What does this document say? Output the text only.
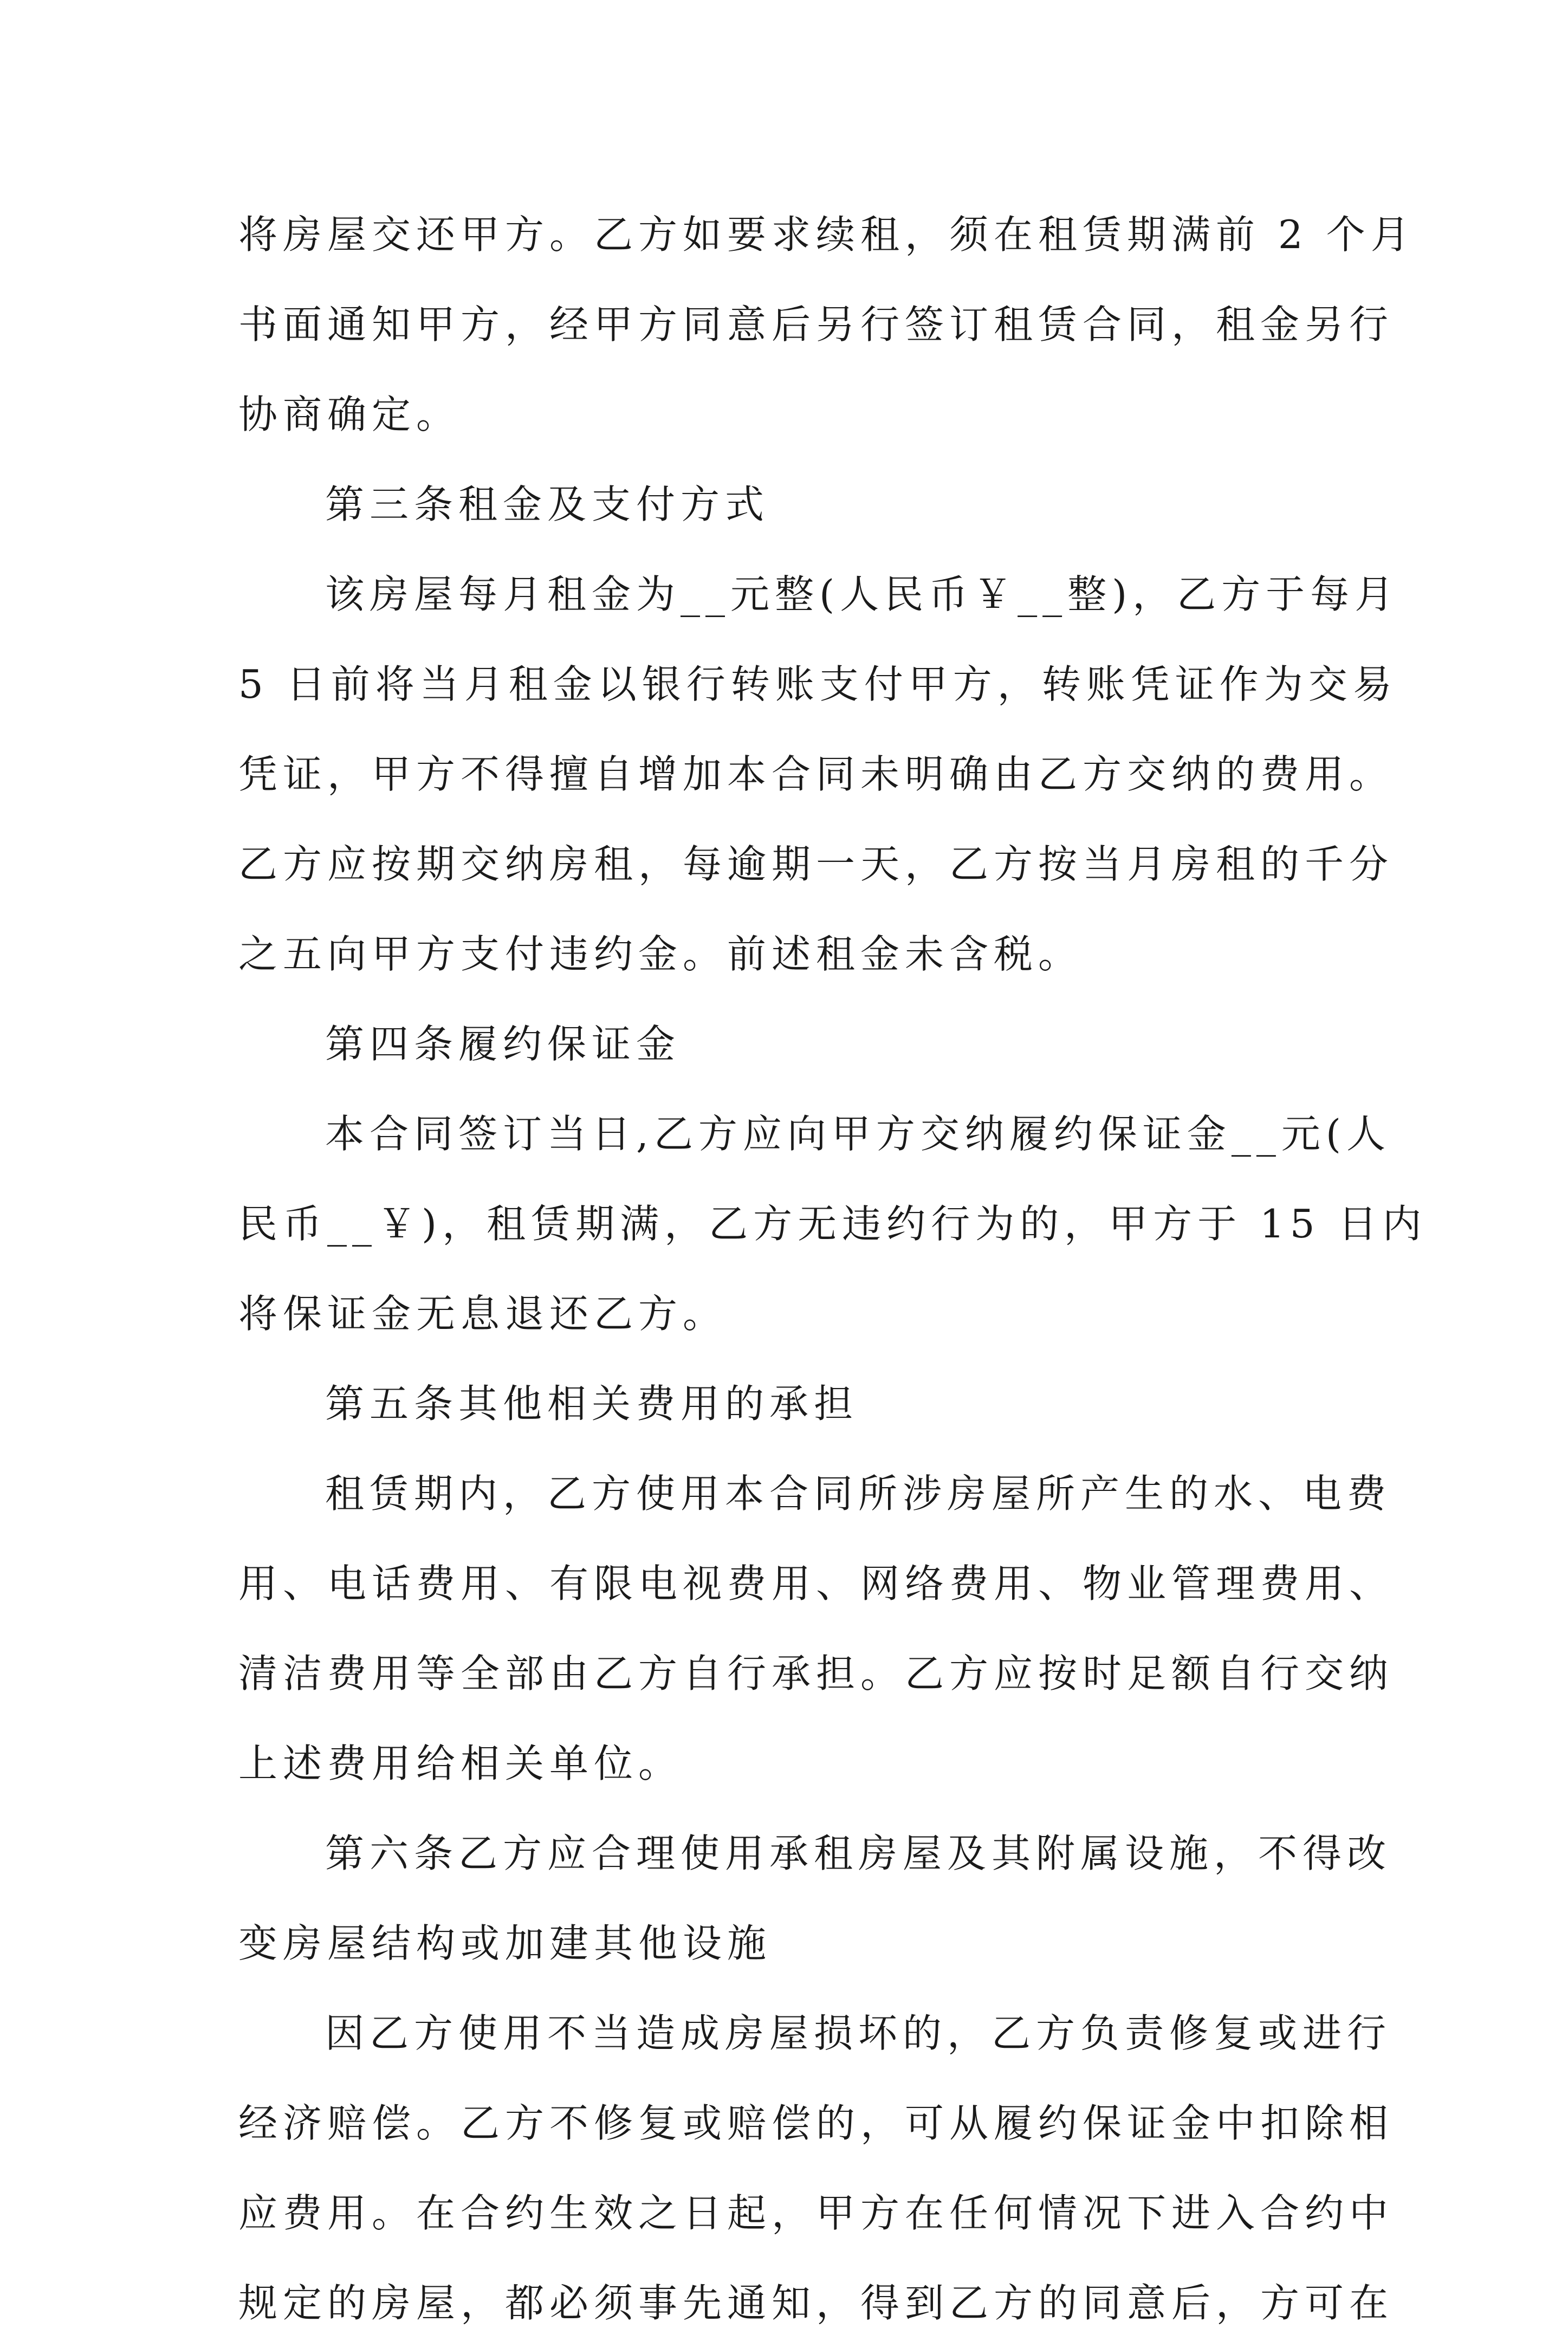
将房屋交还甲方。乙方如要求续租，须在租赁期满前 2 个月
书面通知甲方，经甲方同意后另行签订租赁合同，租金另行
协商确定。
第三条租金及支付方式
该房屋每月租金为__元整(人民币￥__整)，乙方于每月
5 日前将当月租金以银行转账支付甲方，转账凭证作为交易
凭证，甲方不得擅自增加本合同未明确由乙方交纳的费用。
乙方应按期交纳房租，每逾期一天，乙方按当月房租的千分
之五向甲方支付违约金。前述租金未含税。
第四条履约保证金
本合同签订当日,乙方应向甲方交纳履约保证金__元(人
民币__￥)，租赁期满，乙方无违约行为的，甲方于 15 日内
将保证金无息退还乙方。
第五条其他相关费用的承担
租赁期内，乙方使用本合同所涉房屋所产生的水、电费
用、电话费用、有限电视费用、网络费用、物业管理费用、
清洁费用等全部由乙方自行承担。乙方应按时足额自行交纳
上述费用给相关单位。
第六条乙方应合理使用承租房屋及其附属设施，不得改
变房屋结构或加建其他设施
因乙方使用不当造成房屋损坏的，乙方负责修复或进行
经济赔偿。乙方不修复或赔偿的，可从履约保证金中扣除相
应费用。在合约生效之日起，甲方在任何情况下进入合约中
规定的房屋，都必须事先通知，得到乙方的同意后，方可在
